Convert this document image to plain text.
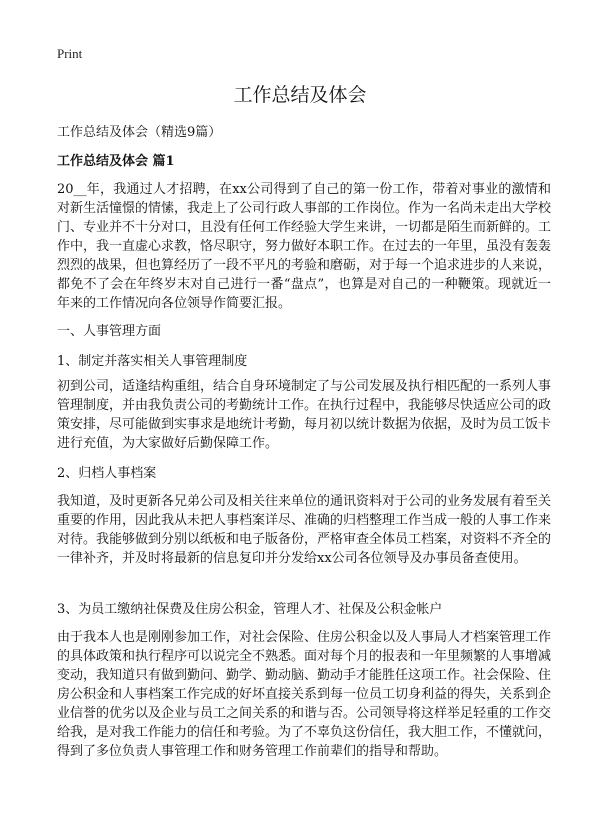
Print
工作总结及体会

工作总结及体会（精选9篇）

工作总结及体会 篇1

20__年，我通过人才招聘，在xx公司得到了自己的第一份工作，带着对事业的激情和对新生活憧憬的情愫，我走上了公司行政人事部的工作岗位。作为一名尚未走出大学校门、专业并不十分对口，且没有任何工作经验大学生来讲，一切都是陌生而新鲜的。工作中，我一直虚心求教，恪尽职守，努力做好本职工作。在过去的一年里，虽没有轰轰烈烈的战果，但也算经历了一段不平凡的考验和磨砺，对于每一个追求进步的人来说，都免不了会在年终岁末对自己进行一番“盘点”，也算是对自己的一种鞭策。现就近一年来的工作情况向各位领导作简要汇报。

一、人事管理方面

1、制定并落实相关人事管理制度

初到公司，适逢结构重组，结合自身环境制定了与公司发展及执行相匹配的一系列人事管理制度，并由我负责公司的考勤统计工作。在执行过程中，我能够尽快适应公司的政策安排，尽可能做到实事求是地统计考勤，每月初以统计数据为依据，及时为员工饭卡进行充值，为大家做好后勤保障工作。

2、归档人事档案

我知道，及时更新各兄弟公司及相关往来单位的通讯资料对于公司的业务发展有着至关重要的作用，因此我从未把人事档案详尽、准确的归档整理工作当成一般的人事工作来对待。我能够做到分别以纸板和电子版备份，严格审查全体员工档案，对资料不齐全的一律补齐，并及时将最新的信息复印并分发给xx公司各位领导及办事员备查使用。

3、为员工缴纳社保费及住房公积金，管理人才、社保及公积金帐户

由于我本人也是刚刚参加工作，对社会保险、住房公积金以及人事局人才档案管理工作的具体政策和执行程序可以说完全不熟悉。面对每个月的报表和一年里频繁的人事增减变动，我知道只有做到勤问、勤学、勤动脑、勤动手才能胜任这项工作。社会保险、住房公积金和人事档案工作完成的好坏直接关系到每一位员工切身利益的得失，关系到企业信誉的优劣以及企业与员工之间关系的和谐与否。公司领导将这样举足轻重的工作交给我，是对我工作能力的信任和考验。为了不辜负这份信任，我大胆工作，不懂就问，得到了多位负责人事管理工作和财务管理工作前辈们的指导和帮助。
